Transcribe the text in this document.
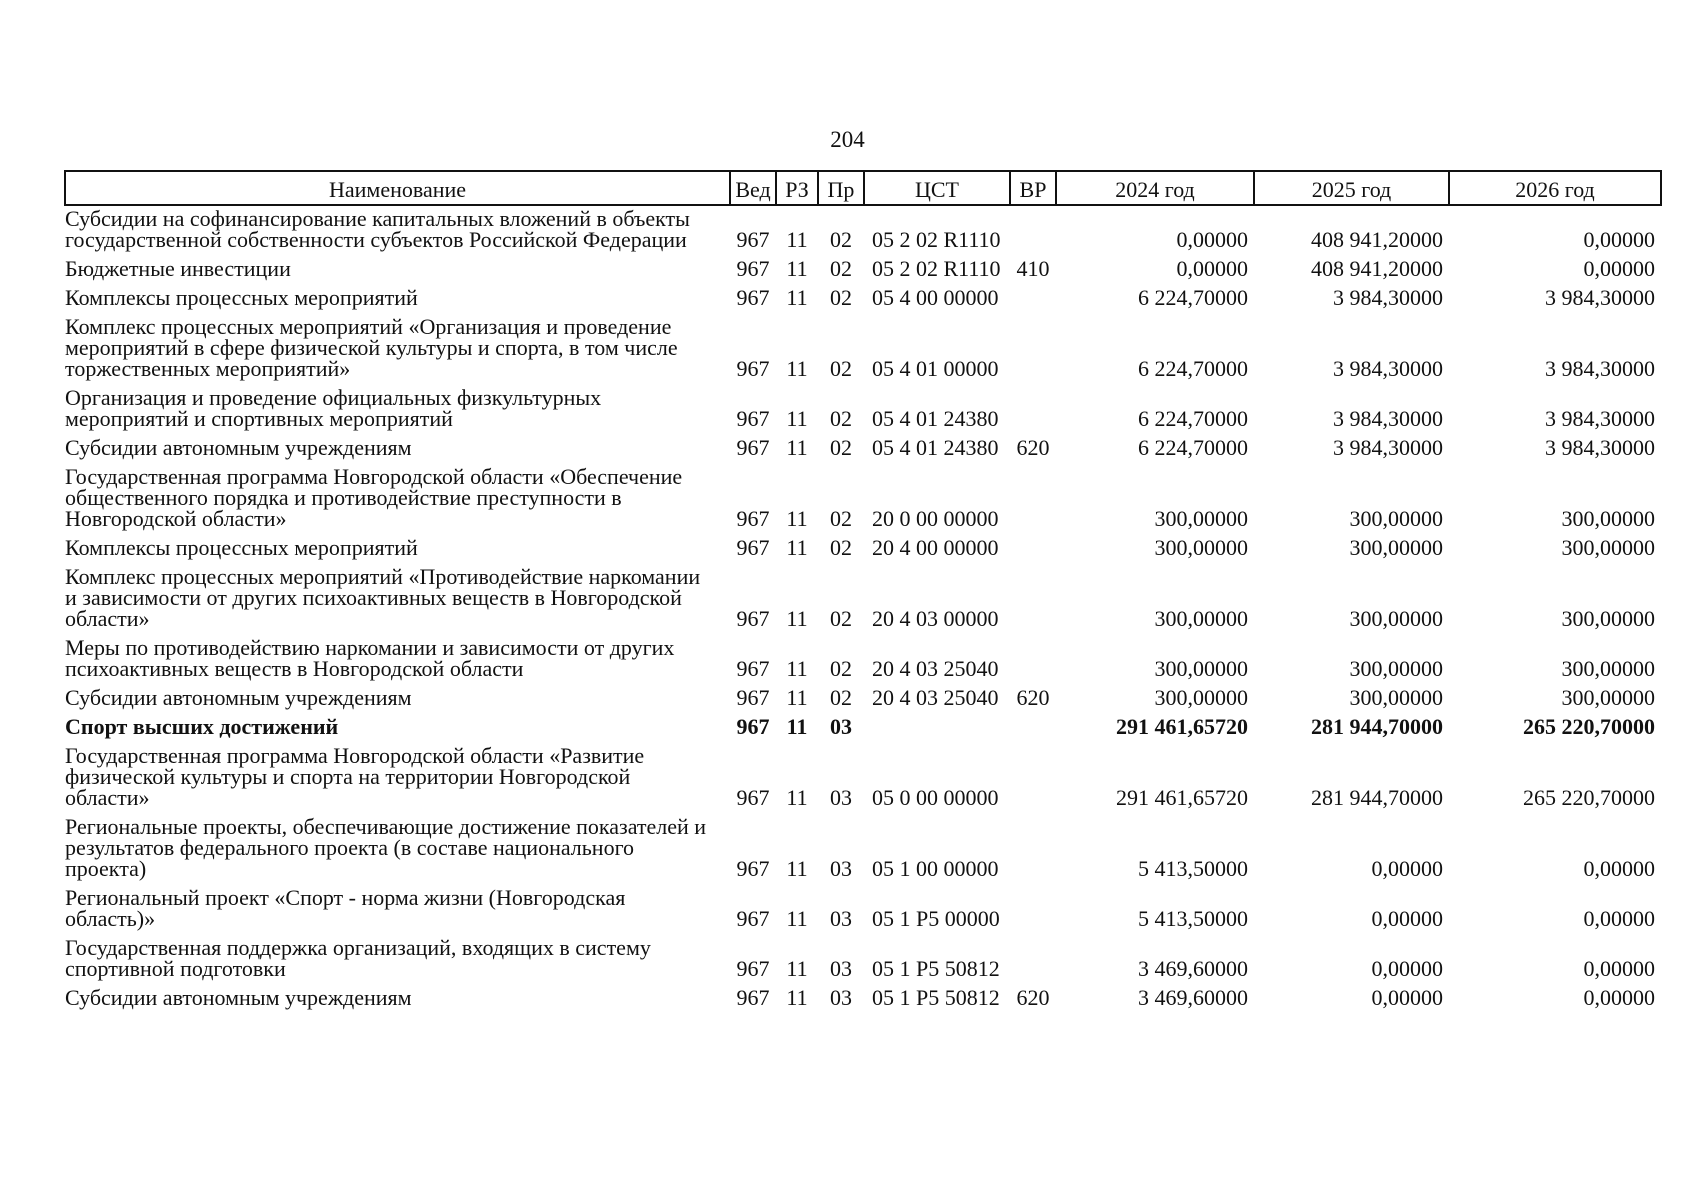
204
Наименование	Вед	РЗ	Пр	ЦСТ	ВР	2024 год	2025 год	2026 год
Субсидии на софинансирование капитальных вложений в объекты государственной собственности субъектов Российской Федерации	967	11	02	05 2 02 R1110		0,00000	408 941,20000	0,00000
Бюджетные инвестиции	967	11	02	05 2 02 R1110	410	0,00000	408 941,20000	0,00000
Комплексы процессных мероприятий	967	11	02	05 4 00 00000		6 224,70000	3 984,30000	3 984,30000
Комплекс процессных мероприятий «Организация и проведение мероприятий в сфере физической культуры и спорта, в том числе торжественных мероприятий»	967	11	02	05 4 01 00000		6 224,70000	3 984,30000	3 984,30000
Организация и проведение официальных физкультурных мероприятий и спортивных мероприятий	967	11	02	05 4 01 24380		6 224,70000	3 984,30000	3 984,30000
Субсидии автономным учреждениям	967	11	02	05 4 01 24380	620	6 224,70000	3 984,30000	3 984,30000
Государственная программа Новгородской области «Обеспечение общественного порядка и противодействие преступности в Новгородской области»	967	11	02	20 0 00 00000		300,00000	300,00000	300,00000
Комплексы процессных мероприятий	967	11	02	20 4 00 00000		300,00000	300,00000	300,00000
Комплекс процессных мероприятий «Противодействие наркомании и зависимости от других психоактивных веществ в Новгородской области»	967	11	02	20 4 03 00000		300,00000	300,00000	300,00000
Меры по противодействию наркомании и зависимости от других психоактивных веществ в Новгородской области	967	11	02	20 4 03 25040		300,00000	300,00000	300,00000
Субсидии автономным учреждениям	967	11	02	20 4 03 25040	620	300,00000	300,00000	300,00000
Спорт высших достижений	967	11	03			291 461,65720	281 944,70000	265 220,70000
Государственная программа Новгородской области «Развитие физической культуры и спорта на территории Новгородской области»	967	11	03	05 0 00 00000		291 461,65720	281 944,70000	265 220,70000
Региональные проекты, обеспечивающие достижение показателей и результатов федерального проекта (в составе национального проекта)	967	11	03	05 1 00 00000		5 413,50000	0,00000	0,00000
Региональный проект «Спорт - норма жизни (Новгородская область)»	967	11	03	05 1 P5 00000		5 413,50000	0,00000	0,00000
Государственная поддержка организаций, входящих в систему спортивной подготовки	967	11	03	05 1 P5 50812		3 469,60000	0,00000	0,00000
Субсидии автономным учреждениям	967	11	03	05 1 P5 50812	620	3 469,60000	0,00000	0,00000
